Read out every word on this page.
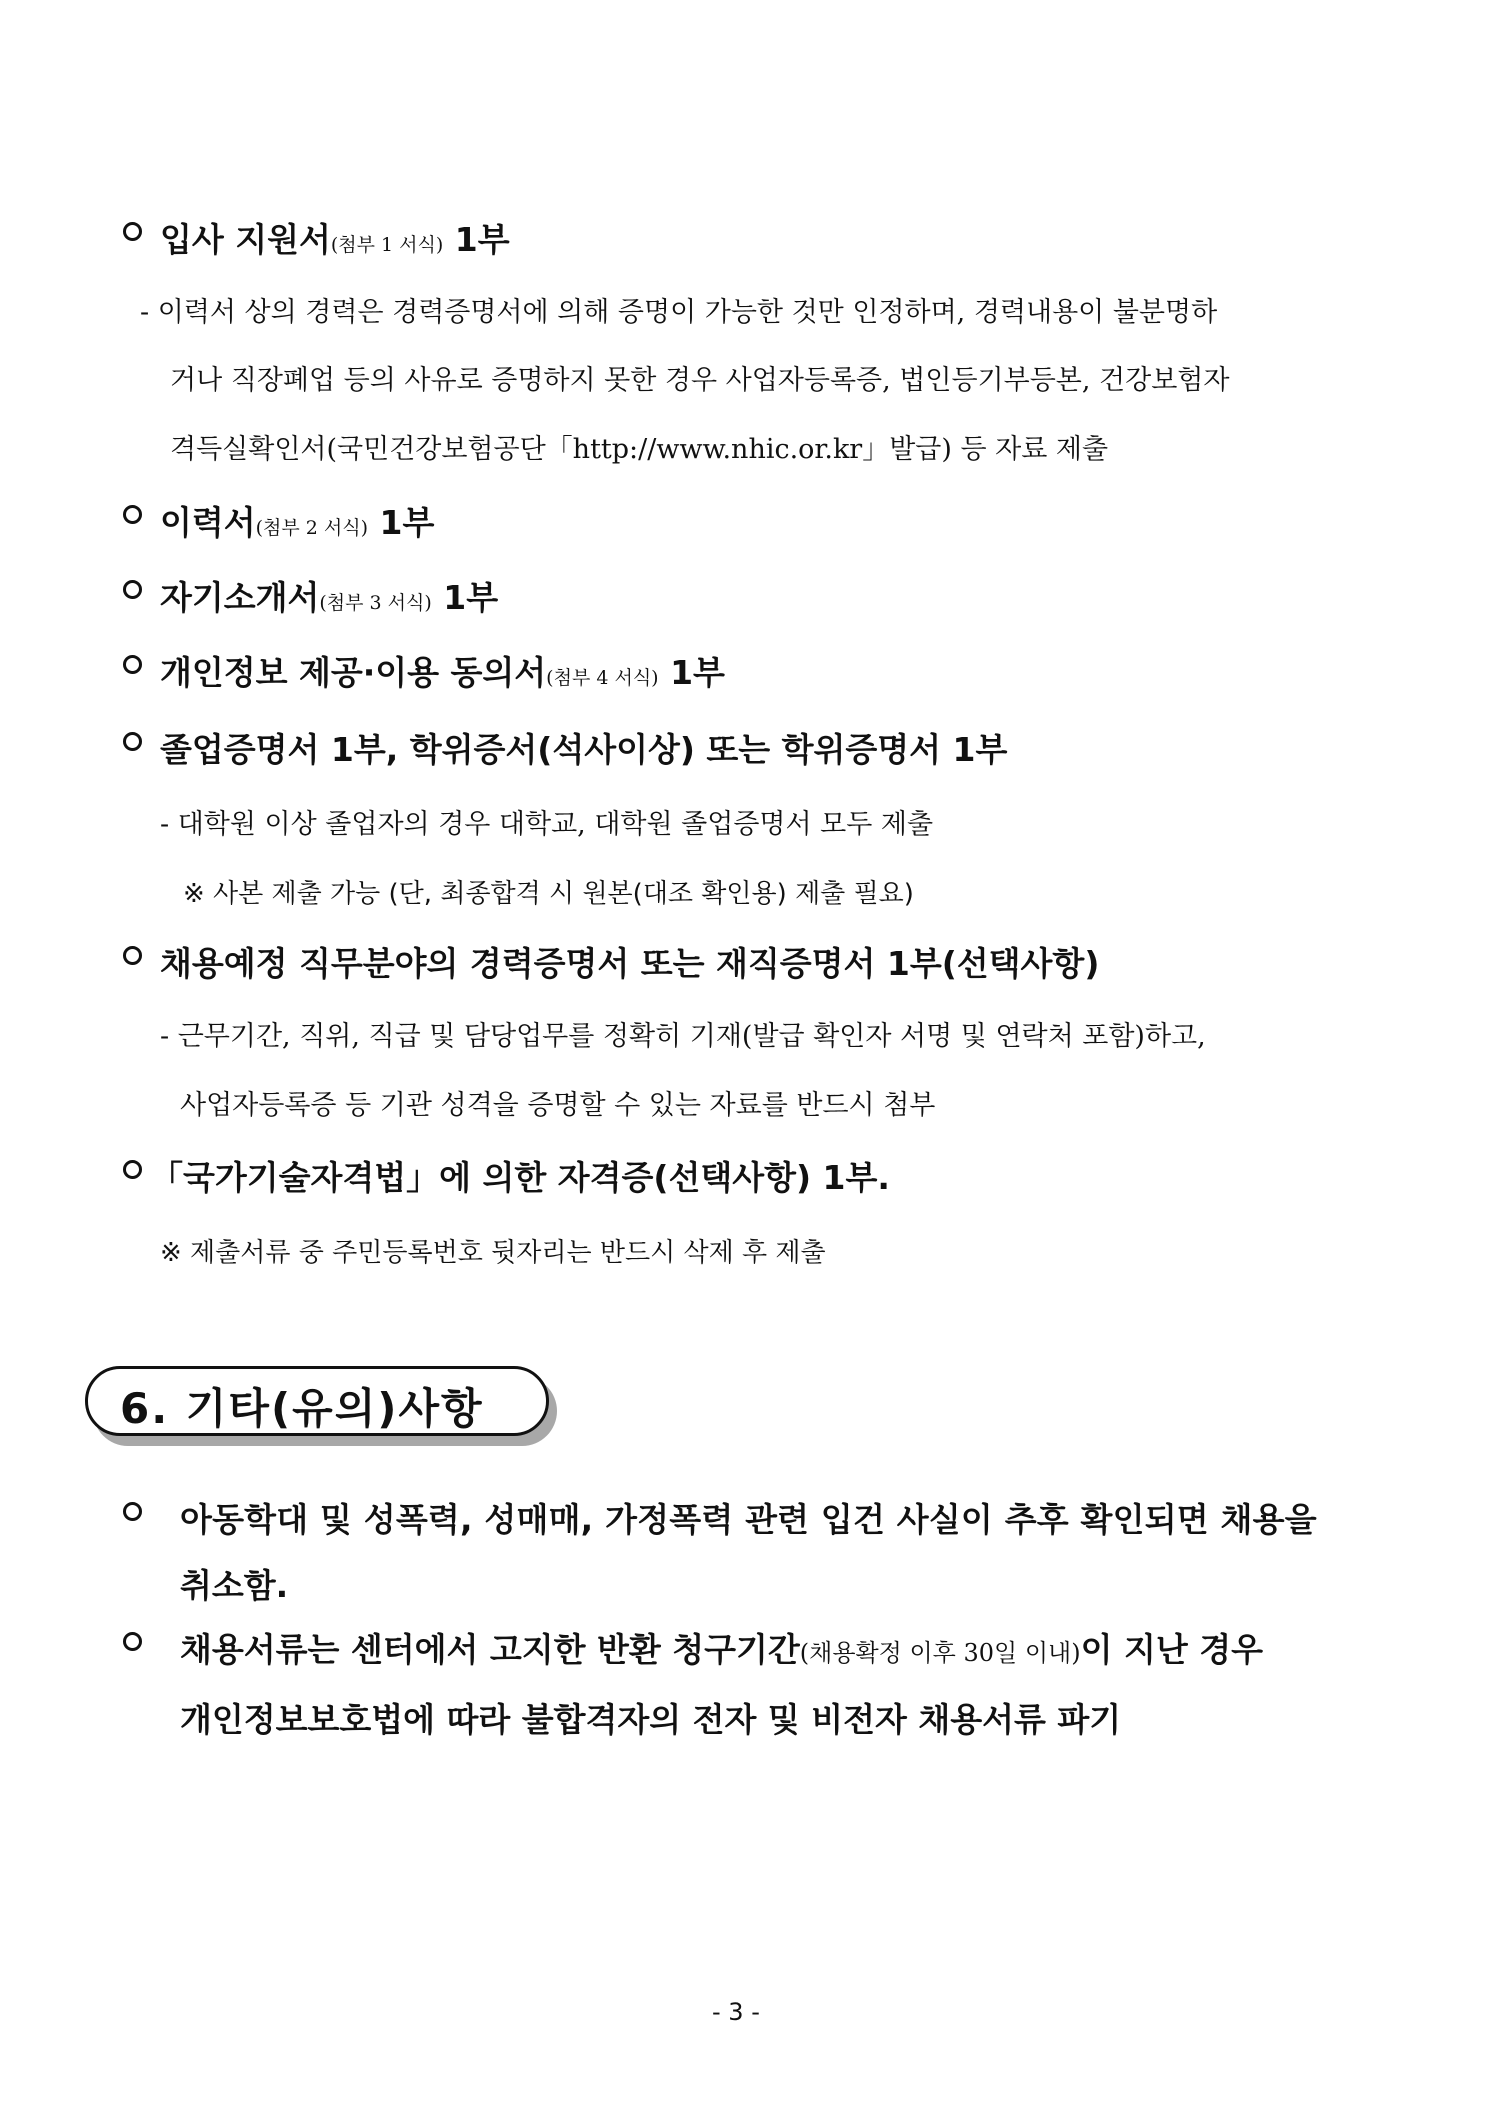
입사 지원서(첨부 1 서식) 1부
- 이력서 상의 경력은 경력증명서에 의해 증명이 가능한 것만 인정하며, 경력내용이 불분명하
거나 직장폐업 등의 사유로 증명하지 못한 경우 사업자등록증, 법인등기부등본, 건강보험자
격득실확인서(국민건강보험공단「http://www.nhic.or.kr」발급) 등 자료 제출
이력서(첨부 2 서식) 1부
자기소개서(첨부 3 서식) 1부
개인정보 제공·이용 동의서(첨부 4 서식) 1부
졸업증명서 1부, 학위증서(석사이상) 또는 학위증명서 1부
- 대학원 이상 졸업자의 경우 대학교, 대학원 졸업증명서 모두 제출
※ 사본 제출 가능 (단, 최종합격 시 원본(대조 확인용) 제출 필요)
채용예정 직무분야의 경력증명서 또는 재직증명서 1부(선택사항)
- 근무기간, 직위, 직급 및 담당업무를 정확히 기재(발급 확인자 서명 및 연락처 포함)하고,
사업자등록증 등 기관 성격을 증명할 수 있는 자료를 반드시 첨부
「국가기술자격법」에 의한 자격증(선택사항) 1부.
※ 제출서류 중 주민등록번호 뒷자리는 반드시 삭제 후 제출
6. 기타(유의)사항
아동학대 및 성폭력, 성매매, 가정폭력 관련 입건 사실이 추후 확인되면 채용을
취소함.
채용서류는 센터에서 고지한 반환 청구기간(채용확정 이후 30일 이내)이 지난 경우
개인정보보호법에 따라 불합격자의 전자 및 비전자 채용서류 파기
- 3 -
